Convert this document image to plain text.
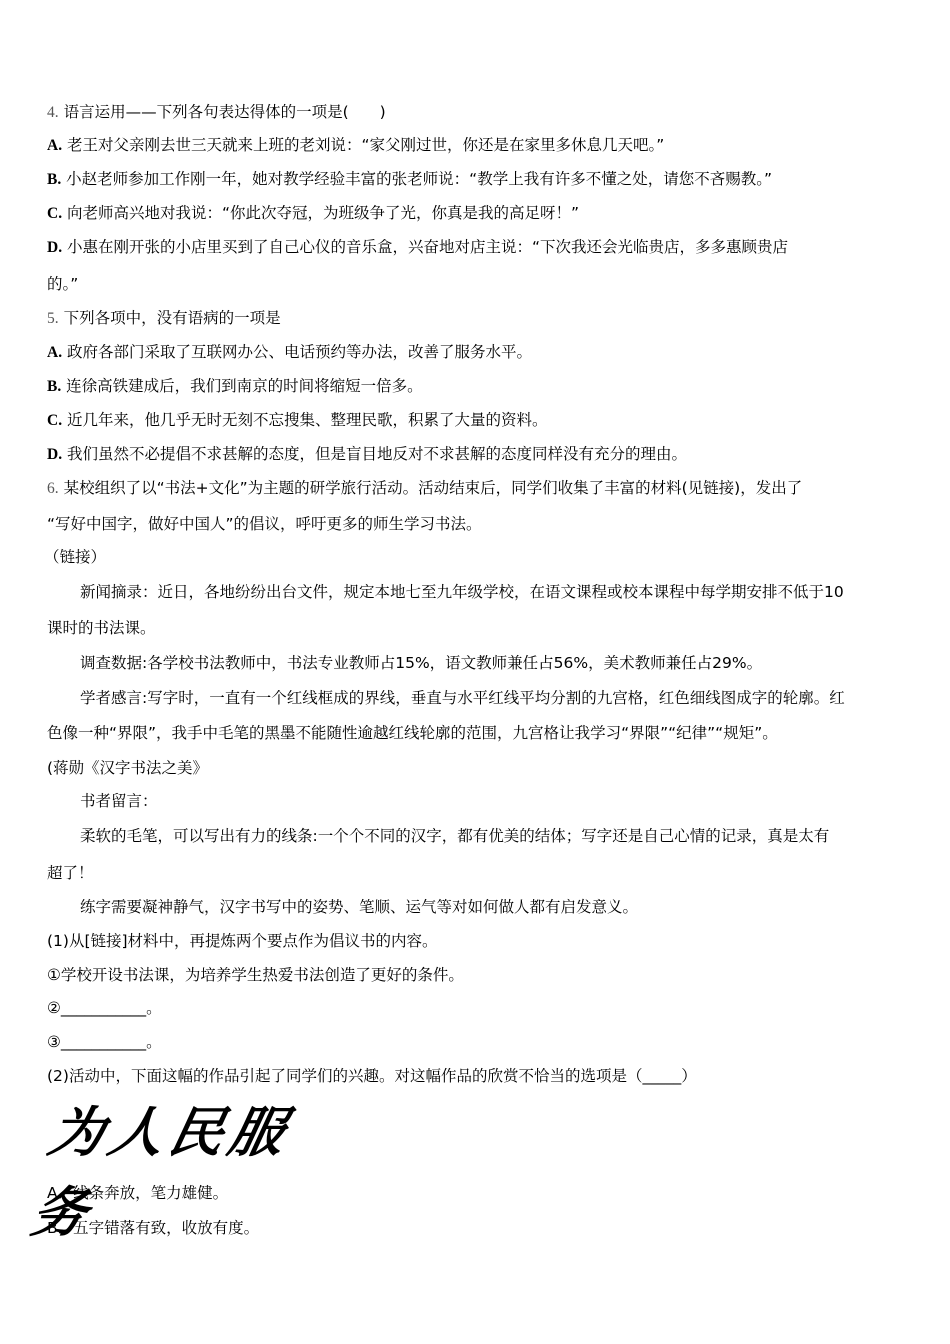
4. 语言运用——下列各句表达得体的一项是(　　)
A. 老王对父亲刚去世三天就来上班的老刘说：“家父刚过世，你还是在家里多休息几天吧。”
B. 小赵老师参加工作刚一年，她对教学经验丰富的张老师说：“教学上我有许多不懂之处，请您不吝赐教。”
C. 向老师高兴地对我说：“你此次夺冠，为班级争了光，你真是我的高足呀！”
D. 小惠在刚开张的小店里买到了自己心仪的音乐盒，兴奋地对店主说：“下次我还会光临贵店，多多惠顾贵店
的。”
5. 下列各项中，没有语病的一项是
A. 政府各部门采取了互联网办公、电话预约等办法，改善了服务水平。
B. 连徐高铁建成后，我们到南京的时间将缩短一倍多。
C. 近几年来，他几乎无时无刻不忘搜集、整理民歌，积累了大量的资料。
D. 我们虽然不必提倡不求甚解的态度，但是盲目地反对不求甚解的态度同样没有充分的理由。
6. 某校组织了以“书法+文化”为主题的研学旅行活动。活动结束后，同学们收集了丰富的材料(见链接)，发出了
“写好中国字，做好中国人”的倡议，呼吁更多的师生学习书法。
（链接）
新闻摘录：近日，各地纷纷出台文件，规定本地七至九年级学校，在语文课程或校本课程中每学期安排不低于10
课时的书法课。
调查数据:各学校书法教师中，书法专业教师占15%，语文教师兼任占56%，美术教师兼任占29%。
学者感言:写字时，一直有一个红线框成的界线，垂直与水平红线平均分割的九宫格，红色细线图成字的轮廓。红
色像一种“界限”，我手中毛笔的黑墨不能随性逾越红线轮廓的范围，九宫格让我学习“界限”“纪律”“规矩”。
(蒋勋《汉字书法之美》
书者留言：
柔软的毛笔，可以写出有力的线条:一个个不同的汉字，都有优美的结体；写字还是自己心情的记录，真是太有
超了！
练字需要凝神静气，汉字书写中的姿势、笔顺、运气等对如何做人都有启发意义。
(1)从[链接]材料中，再提炼两个要点作为倡议书的内容。
①学校开设书法课，为培养学生热爱书法创造了更好的条件。
②___________。
③___________。
(2)活动中，下面这幅的作品引起了同学们的兴趣。对这幅作品的欣赏不恰当的选项是（_____）
为人民服务
A．线条奔放，笔力雄健。
B．五字错落有致，收放有度。
